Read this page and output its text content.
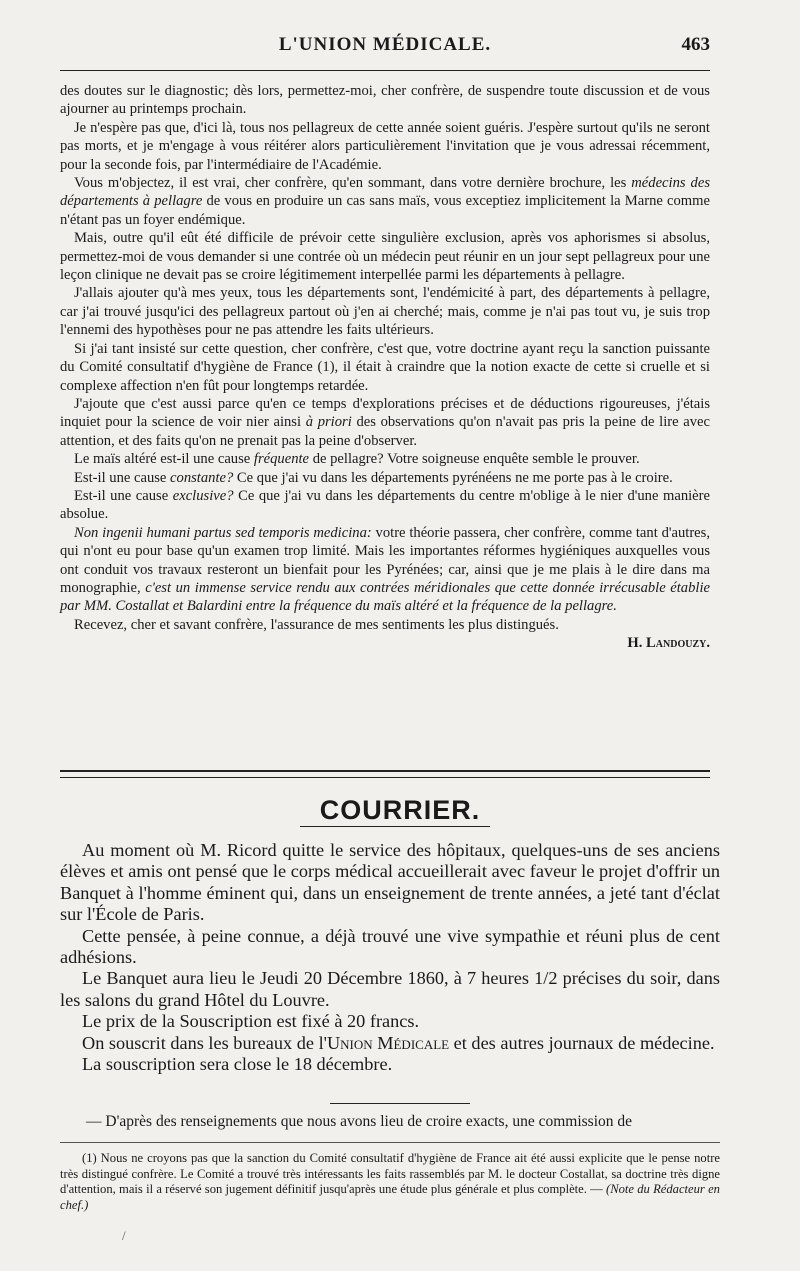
L'UNION MÉDICALE.	463

des doutes sur le diagnostic; dès lors, permettez-moi, cher confrère, de suspendre toute discussion et de vous ajourner au printemps prochain.

Je n'espère pas que, d'ici là, tous nos pellagreux de cette année soient guéris. J'espère surtout qu'ils ne seront pas morts, et je m'engage à vous réitérer alors particulièrement l'invitation que je vous adressai récemment, pour la seconde fois, par l'intermédiaire de l'Académie.

Vous m'objectez, il est vrai, cher confrère, qu'en sommant, dans votre dernière brochure, les médecins des départements à pellagre de vous en produire un cas sans maïs, vous exceptiez implicitement la Marne comme n'étant pas un foyer endémique.

Mais, outre qu'il eût été difficile de prévoir cette singulière exclusion, après vos aphorismes si absolus, permettez-moi de vous demander si une contrée où un médecin peut réunir en un jour sept pellagreux pour une leçon clinique ne devait pas se croire légitimement interpellée parmi les départements à pellagre.

J'allais ajouter qu'à mes yeux, tous les départements sont, l'endémicité à part, des départements à pellagre, car j'ai trouvé jusqu'ici des pellagreux partout où j'en ai cherché; mais, comme je n'ai pas tout vu, je suis trop l'ennemi des hypothèses pour ne pas attendre les faits ultérieurs.

Si j'ai tant insisté sur cette question, cher confrère, c'est que, votre doctrine ayant reçu la sanction puissante du Comité consultatif d'hygiène de France (1), il était à craindre que la notion exacte de cette si cruelle et si complexe affection n'en fût pour longtemps retardée.

J'ajoute que c'est aussi parce qu'en ce temps d'explorations précises et de déductions rigoureuses, j'étais inquiet pour la science de voir nier ainsi à priori des observations qu'on n'avait pas pris la peine de lire avec attention, et des faits qu'on ne prenait pas la peine d'observer.

Le maïs altéré est-il une cause fréquente de pellagre? Votre soigneuse enquête semble le prouver.

Est-il une cause constante? Ce que j'ai vu dans les départements pyrénéens ne me porte pas à le croire.

Est-il une cause exclusive? Ce que j'ai vu dans les départements du centre m'oblige à le nier d'une manière absolue.

Non ingenii humani partus sed temporis medicina: votre théorie passera, cher confrère, comme tant d'autres, qui n'ont eu pour base qu'un examen trop limité. Mais les importantes réformes hygiéniques auxquelles vous ont conduit vos travaux resteront un bienfait pour les Pyrénées; car, ainsi que je me plais à le dire dans ma monographie, c'est un immense service rendu aux contrées méridionales que cette donnée irrécusable établie par MM. Costallat et Balardini entre la fréquence du maïs altéré et la fréquence de la pellagre.

Recevez, cher et savant confrère, l'assurance de mes sentiments les plus distingués.

H. Landouzy.

COURRIER.

Au moment où M. Ricord quitte le service des hôpitaux, quelques-uns de ses anciens élèves et amis ont pensé que le corps médical accueillerait avec faveur le projet d'offrir un Banquet à l'homme éminent qui, dans un enseignement de trente années, a jeté tant d'éclat sur l'École de Paris.

Cette pensée, à peine connue, a déjà trouvé une vive sympathie et réuni plus de cent adhésions.

Le Banquet aura lieu le Jeudi 20 Décembre 1860, à 7 heures 1/2 précises du soir, dans les salons du grand Hôtel du Louvre.

Le prix de la Souscription est fixé à 20 francs.

On souscrit dans les bureaux de l'Union Médicale et des autres journaux de médecine.

La souscription sera close le 18 décembre.

— D'après des renseignements que nous avons lieu de croire exacts, une commission de

(1) Nous ne croyons pas que la sanction du Comité consultatif d'hygiène de France ait été aussi explicite que le pense notre très distingué confrère. Le Comité a trouvé très intéressants les faits rassemblés par M. le docteur Costallat, sa doctrine très digne d'attention, mais il a réservé son jugement définitif jusqu'après une étude plus générale et plus complète. — (Note du Rédacteur en chef.)

/
